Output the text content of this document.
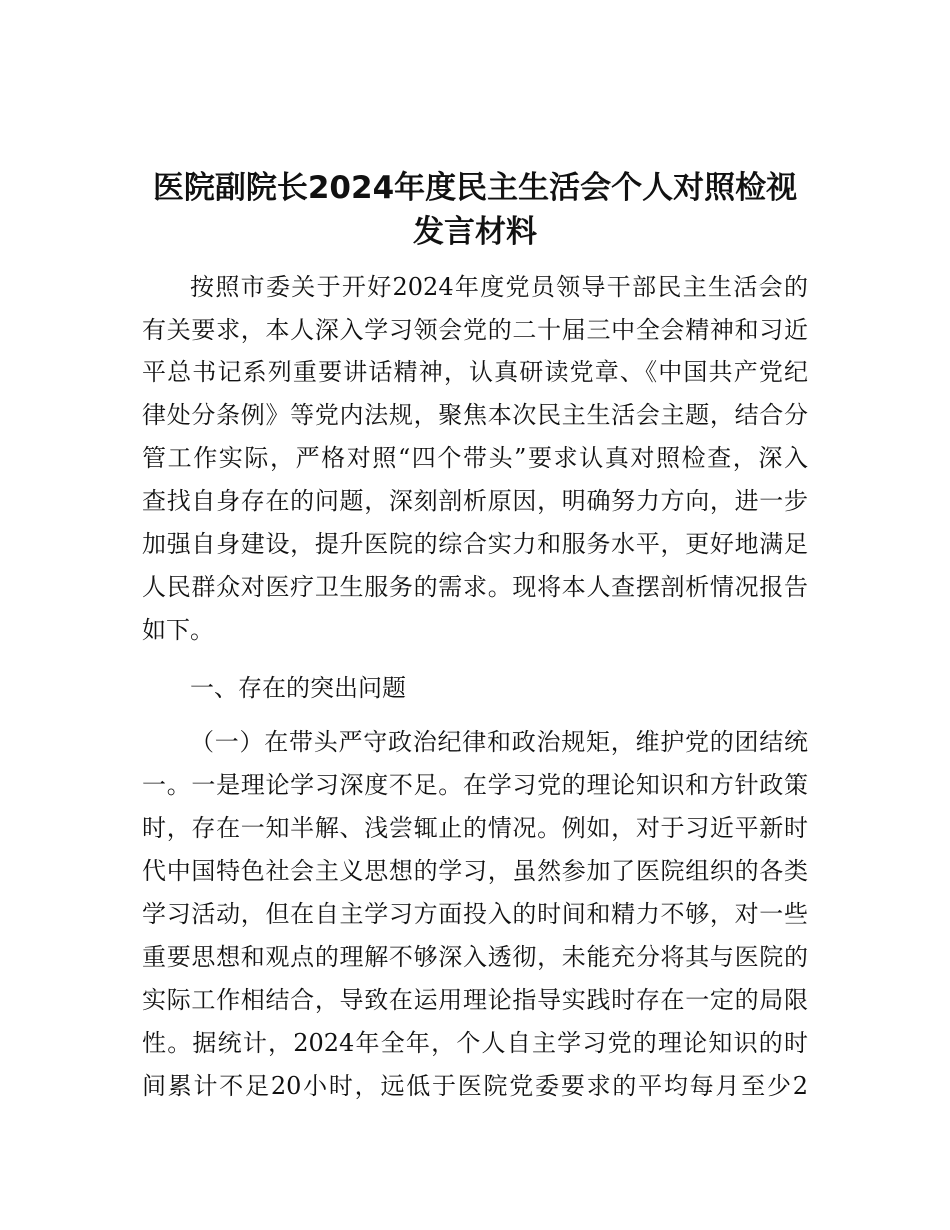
医院副院长2024年度民主生活会个人对照检视
发言材料
按照市委关于开好2024年度党员领导干部民主生活会的
有关要求，本人深入学习领会党的二十届三中全会精神和习近
平总书记系列重要讲话精神，认真研读党章、《中国共产党纪
律处分条例》等党内法规，聚焦本次民主生活会主题，结合分
管工作实际，严格对照“四个带头”要求认真对照检查，深入
查找自身存在的问题，深刻剖析原因，明确努力方向，进一步
加强自身建设，提升医院的综合实力和服务水平，更好地满足
人民群众对医疗卫生服务的需求。现将本人查摆剖析情况报告
如下。
一、存在的突出问题
（一）在带头严守政治纪律和政治规矩，维护党的团结统
一。一是理论学习深度不足。在学习党的理论知识和方针政策
时，存在一知半解、浅尝辄止的情况。例如，对于习近平新时
代中国特色社会主义思想的学习，虽然参加了医院组织的各类
学习活动，但在自主学习方面投入的时间和精力不够，对一些
重要思想和观点的理解不够深入透彻，未能充分将其与医院的
实际工作相结合，导致在运用理论指导实践时存在一定的局限
性。据统计，2024年全年，个人自主学习党的理论知识的时
间累计不足20小时，远低于医院党委要求的平均每月至少2
